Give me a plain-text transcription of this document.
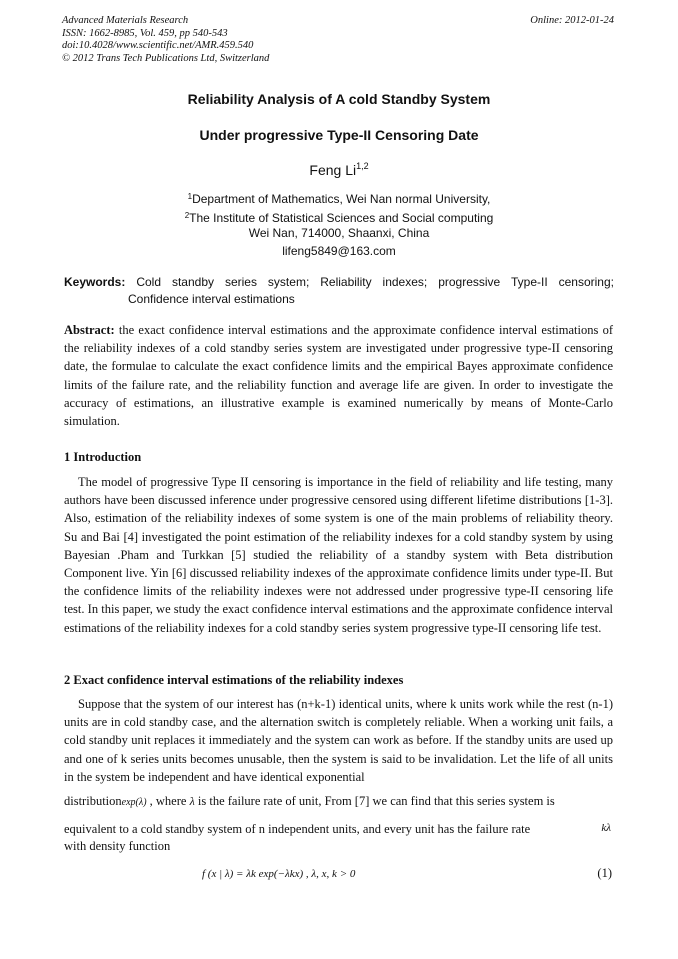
Advanced Materials Research
ISSN: 1662-8985, Vol. 459, pp 540-543
doi:10.4028/www.scientific.net/AMR.459.540
© 2012 Trans Tech Publications Ltd, Switzerland
Online: 2012-01-24
Reliability Analysis of A cold Standby System
Under progressive Type-II Censoring Date
Feng Li$^{1,2}$
$^1$Department of Mathematics, Wei Nan normal University,
$^2$The Institute of Statistical Sciences and Social computing
Wei Nan, 714000, Shaanxi, China
lifeng5849@163.com
Keywords: Cold standby series system; Reliability indexes; progressive Type-II censoring;
Confidence interval estimations
Abstract: the exact confidence interval estimations and the approximate confidence interval estimations of the reliability indexes of a cold standby series system are investigated under progressive type-II censoring date, the formulae to calculate the exact confidence limits and the empirical Bayes approximate confidence limits of the failure rate, and the reliability function and average life are given. In order to investigate the accuracy of estimations, an illustrative example is examined numerically by means of Monte-Carlo simulation.
1 Introduction
The model of progressive Type II censoring is importance in the field of reliability and life testing, many authors have been discussed inference under progressive censored using different lifetime distributions [1-3]. Also, estimation of the reliability indexes of some system is one of the main problems of reliability theory. Su and Bai [4] investigated the point estimation of the reliability indexes for a cold standby system by using Bayesian .Pham and Turkkan [5] studied the reliability of a standby system with Beta distribution Component live. Yin [6] discussed reliability indexes of the approximate confidence limits under type-II. But the confidence limits of the reliability indexes were not addressed under progressive type-II censoring life test. In this paper, we study the exact confidence interval estimations and the approximate confidence interval estimations of the reliability indexes for a cold standby series system progressive type-II censoring life test.
2 Exact confidence interval estimations of the reliability indexes
Suppose that the system of our interest has (n+k-1) identical units, where k units work while the rest (n-1) units are in cold standby case, and the alternation switch is completely reliable. When a working unit fails, a cold standby unit replaces it immediately and the system can work as before. If the standby units are used up and one of k series units becomes unusable, then the system is said to be invalidation. Let the life of all units in the system be independent and have identical exponential
distributionexp(λ) , where λ is the failure rate of unit, From [7] we can find that this series system is
equivalent to a cold standby system of n independent units, and every unit has the failure rate	kλ
with density function
f (x | λ) = λk exp(−λkx) , λ, x, k > 0	(1)
